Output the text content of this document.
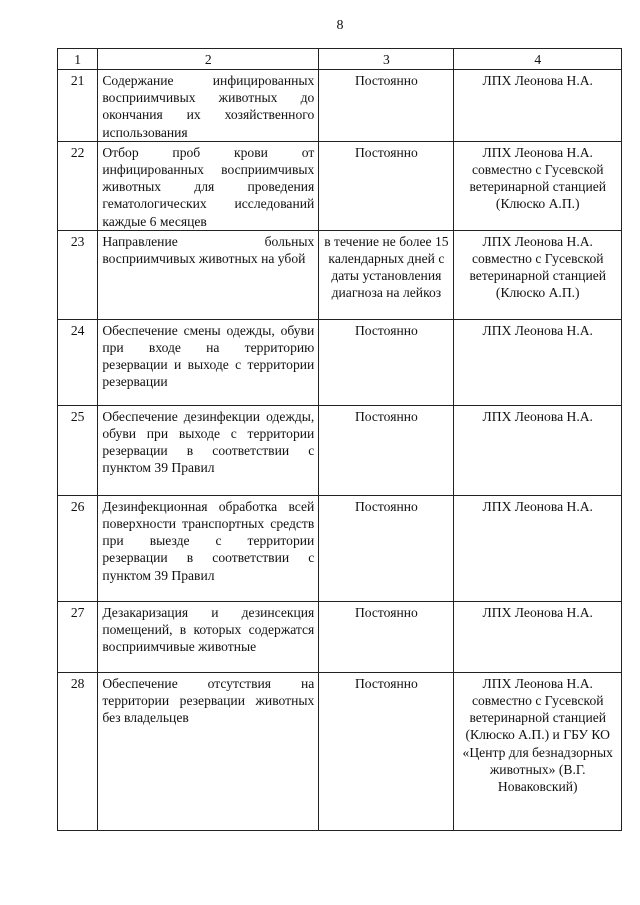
8
1	2	3	4
21	Содержание инфицированных восприимчивых животных до окончания их хозяйственного использования	Постоянно	ЛПХ Леонова Н.А.
22	Отбор проб крови от инфицированных восприимчивых животных для проведения гематологических исследований каждые 6 месяцев	Постоянно	ЛПХ Леонова Н.А. совместно с Гусевской ветеринарной станцией (Клюско А.П.)
23	Направление больных восприимчивых животных на убой	в течение не более 15 календарных дней с даты установления диагноза на лейкоз	ЛПХ Леонова Н.А. совместно с Гусевской ветеринарной станцией (Клюско А.П.)
24	Обеспечение смены одежды, обуви при входе на территорию резервации и выходе с территории резервации	Постоянно	ЛПХ Леонова Н.А.
25	Обеспечение дезинфекции одежды, обуви при выходе с территории резервации в соответствии с пунктом 39 Правил	Постоянно	ЛПХ Леонова Н.А.
26	Дезинфекционная обработка всей поверхности транспортных средств при выезде с территории резервации в соответствии с пунктом 39 Правил	Постоянно	ЛПХ Леонова Н.А.
27	Дезакаризация и дезинсекция помещений, в которых содержатся восприимчивые животные	Постоянно	ЛПХ Леонова Н.А.
28	Обеспечение отсутствия на территории резервации животных без владельцев	Постоянно	ЛПХ Леонова Н.А. совместно с Гусевской ветеринарной станцией (Клюско А.П.) и ГБУ КО «Центр для безнадзорных животных» (В.Г. Новаковский)
